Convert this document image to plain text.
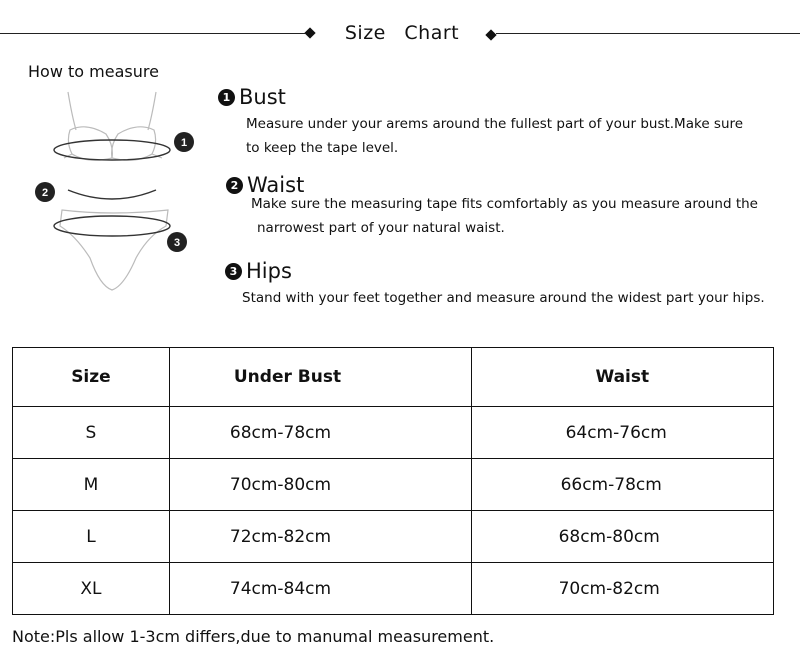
Size Chart
How to measure
1
2
3
1 Bust
Measure under your arems around the fullest part of your bust.Make sure
to keep the tape level.
2 Waist
Make sure the measuring tape fits comfortably as you measure around the
narrowest part of your natural waist.
3 Hips
Stand with your feet together and measure around the widest part your hips.
Size	Under Bust	Waist
S	68cm-78cm	64cm-76cm
M	70cm-80cm	66cm-78cm
L	72cm-82cm	68cm-80cm
XL	74cm-84cm	70cm-82cm
Note:Pls allow 1-3cm differs,due to manumal measurement.
